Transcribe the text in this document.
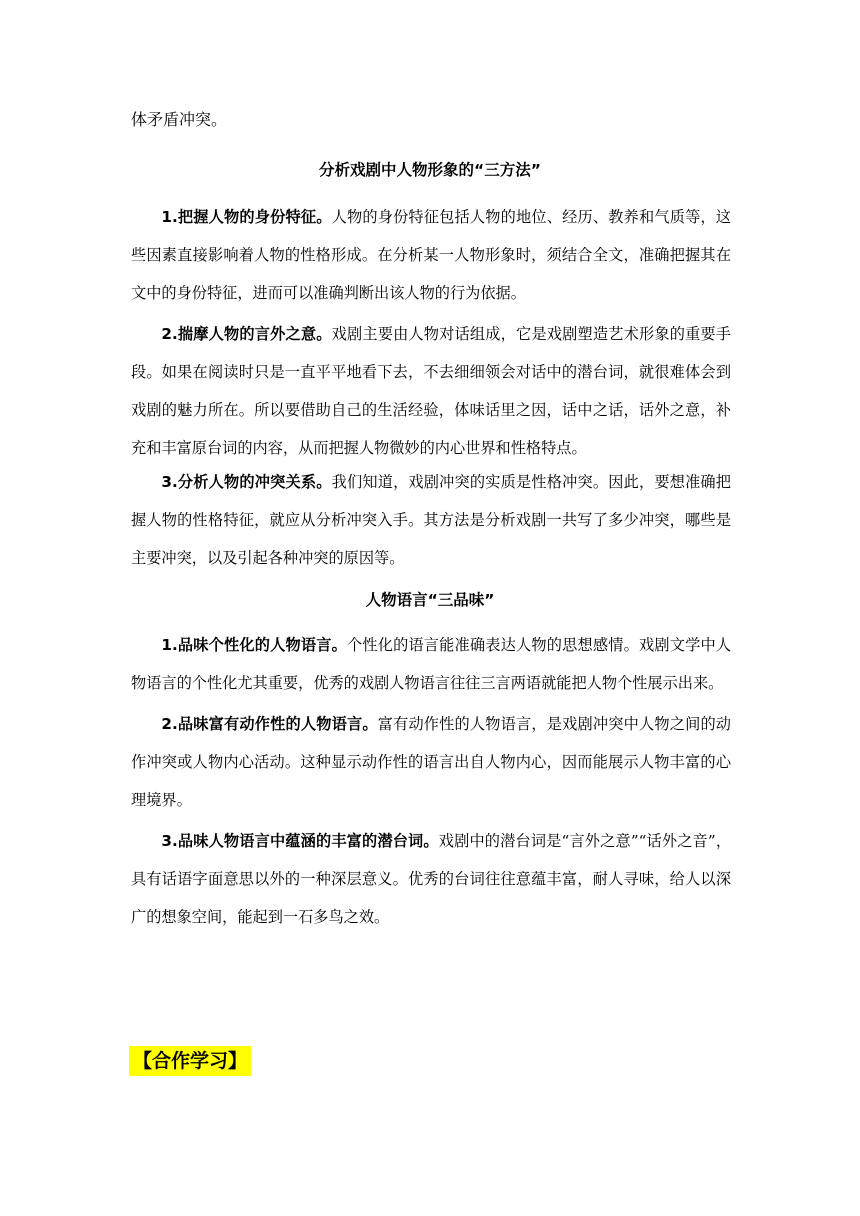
体矛盾冲突。
分析戏剧中人物形象的“三方法”

1.把握人物的身份特征。人物的身份特征包括人物的地位、经历、教养和气质等，这些因素直接影响着人物的性格形成。在分析某一人物形象时，须结合全文，准确把握其在文中的身份特征，进而可以准确判断出该人物的行为依据。

2.揣摩人物的言外之意。戏剧主要由人物对话组成，它是戏剧塑造艺术形象的重要手段。如果在阅读时只是一直平平地看下去，不去细细领会对话中的潜台词，就很难体会到戏剧的魅力所在。所以要借助自己的生活经验，体味话里之因，话中之话，话外之意，补充和丰富原台词的内容，从而把握人物微妙的内心世界和性格特点。

3.分析人物的冲突关系。我们知道，戏剧冲突的实质是性格冲突。因此，要想准确把握人物的性格特征，就应从分析冲突入手。其方法是分析戏剧一共写了多少冲突，哪些是主要冲突，以及引起各种冲突的原因等。

人物语言“三品味”

1.品味个性化的人物语言。个性化的语言能准确表达人物的思想感情。戏剧文学中人物语言的个性化尤其重要，优秀的戏剧人物语言往往三言两语就能把人物个性展示出来。

2.品味富有动作性的人物语言。富有动作性的人物语言，是戏剧冲突中人物之间的动作冲突或人物内心活动。这种显示动作性的语言出自人物内心，因而能展示人物丰富的心理境界。

3.品味人物语言中蕴涵的丰富的潜台词。戏剧中的潜台词是“言外之意”“话外之音”，具有话语字面意思以外的一种深层意义。优秀的台词往往意蕴丰富，耐人寻味，给人以深广的想象空间，能起到一石多鸟之效。

【合作学习】
